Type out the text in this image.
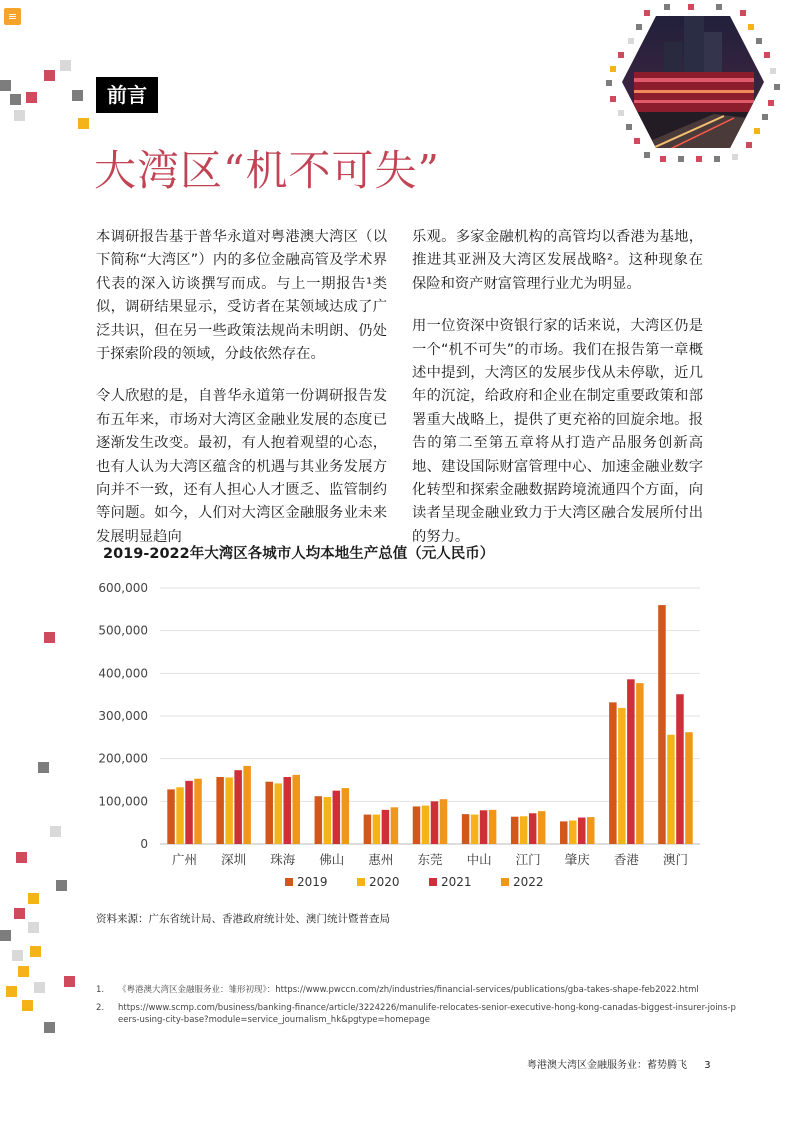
≡
前言
大湾区“机不可失”

本调研报告基于普华永道对粤港澳大湾区（以下简称“大湾区”）内的多位金融高管及学术界代表的深入访谈撰写而成。与上一期报告¹类似，调研结果显示，受访者在某领域达成了广泛共识，但在另一些政策法规尚未明朗、仍处于探索阶段的领域，分歧依然存在。

令人欣慰的是，自普华永道第一份调研报告发布五年来，市场对大湾区金融业发展的态度已逐渐发生改变。最初，有人抱着观望的心态，也有人认为大湾区蕴含的机遇与其业务发展方向并不一致，还有人担心人才匮乏、监管制约等问题。如今，人们对大湾区金融服务业未来发展明显趋向

乐观。多家金融机构的高管均以香港为基地，推进其亚洲及大湾区发展战略²。这种现象在保险和资产财富管理行业尤为明显。

用一位资深中资银行家的话来说，大湾区仍是一个“机不可失”的市场。我们在报告第一章概述中提到，大湾区的发展步伐从未停歇，近几年的沉淀，给政府和企业在制定重要政策和部署重大战略上，提供了更充裕的回旋余地。报告的第二至第五章将从打造产品服务创新高地、建设国际财富管理中心、加速金融业数字化转型和探索金融数据跨境流通四个方面，向读者呈现金融业致力于大湾区融合发展所付出的努力。

2019-2022年大湾区各城市人均本地生产总值（元人民币）
0
100,000
200,000
300,000
400,000
500,000
600,000
广州 深圳 珠海 佛山 惠州 东莞 中山 江门 肇庆 香港 澳门
2019	2020	2021	2022
资料来源：广东省统计局、香港政府统计处、澳门统计暨普查局
1. 《粤港澳大湾区金融服务业：雏形初现》：https://www.pwccn.com/zh/industries/financial-services/publications/gba-takes-shape-feb2022.html
2. https://www.scmp.com/business/banking-finance/article/3224226/manulife-relocates-senior-executive-hong-kong-canadas-biggest-insurer-joins-peers-using-city-base?module=service_journalism_hk&pgtype=homepage
粤港澳大湾区金融服务业：蓄势腾飞 3
